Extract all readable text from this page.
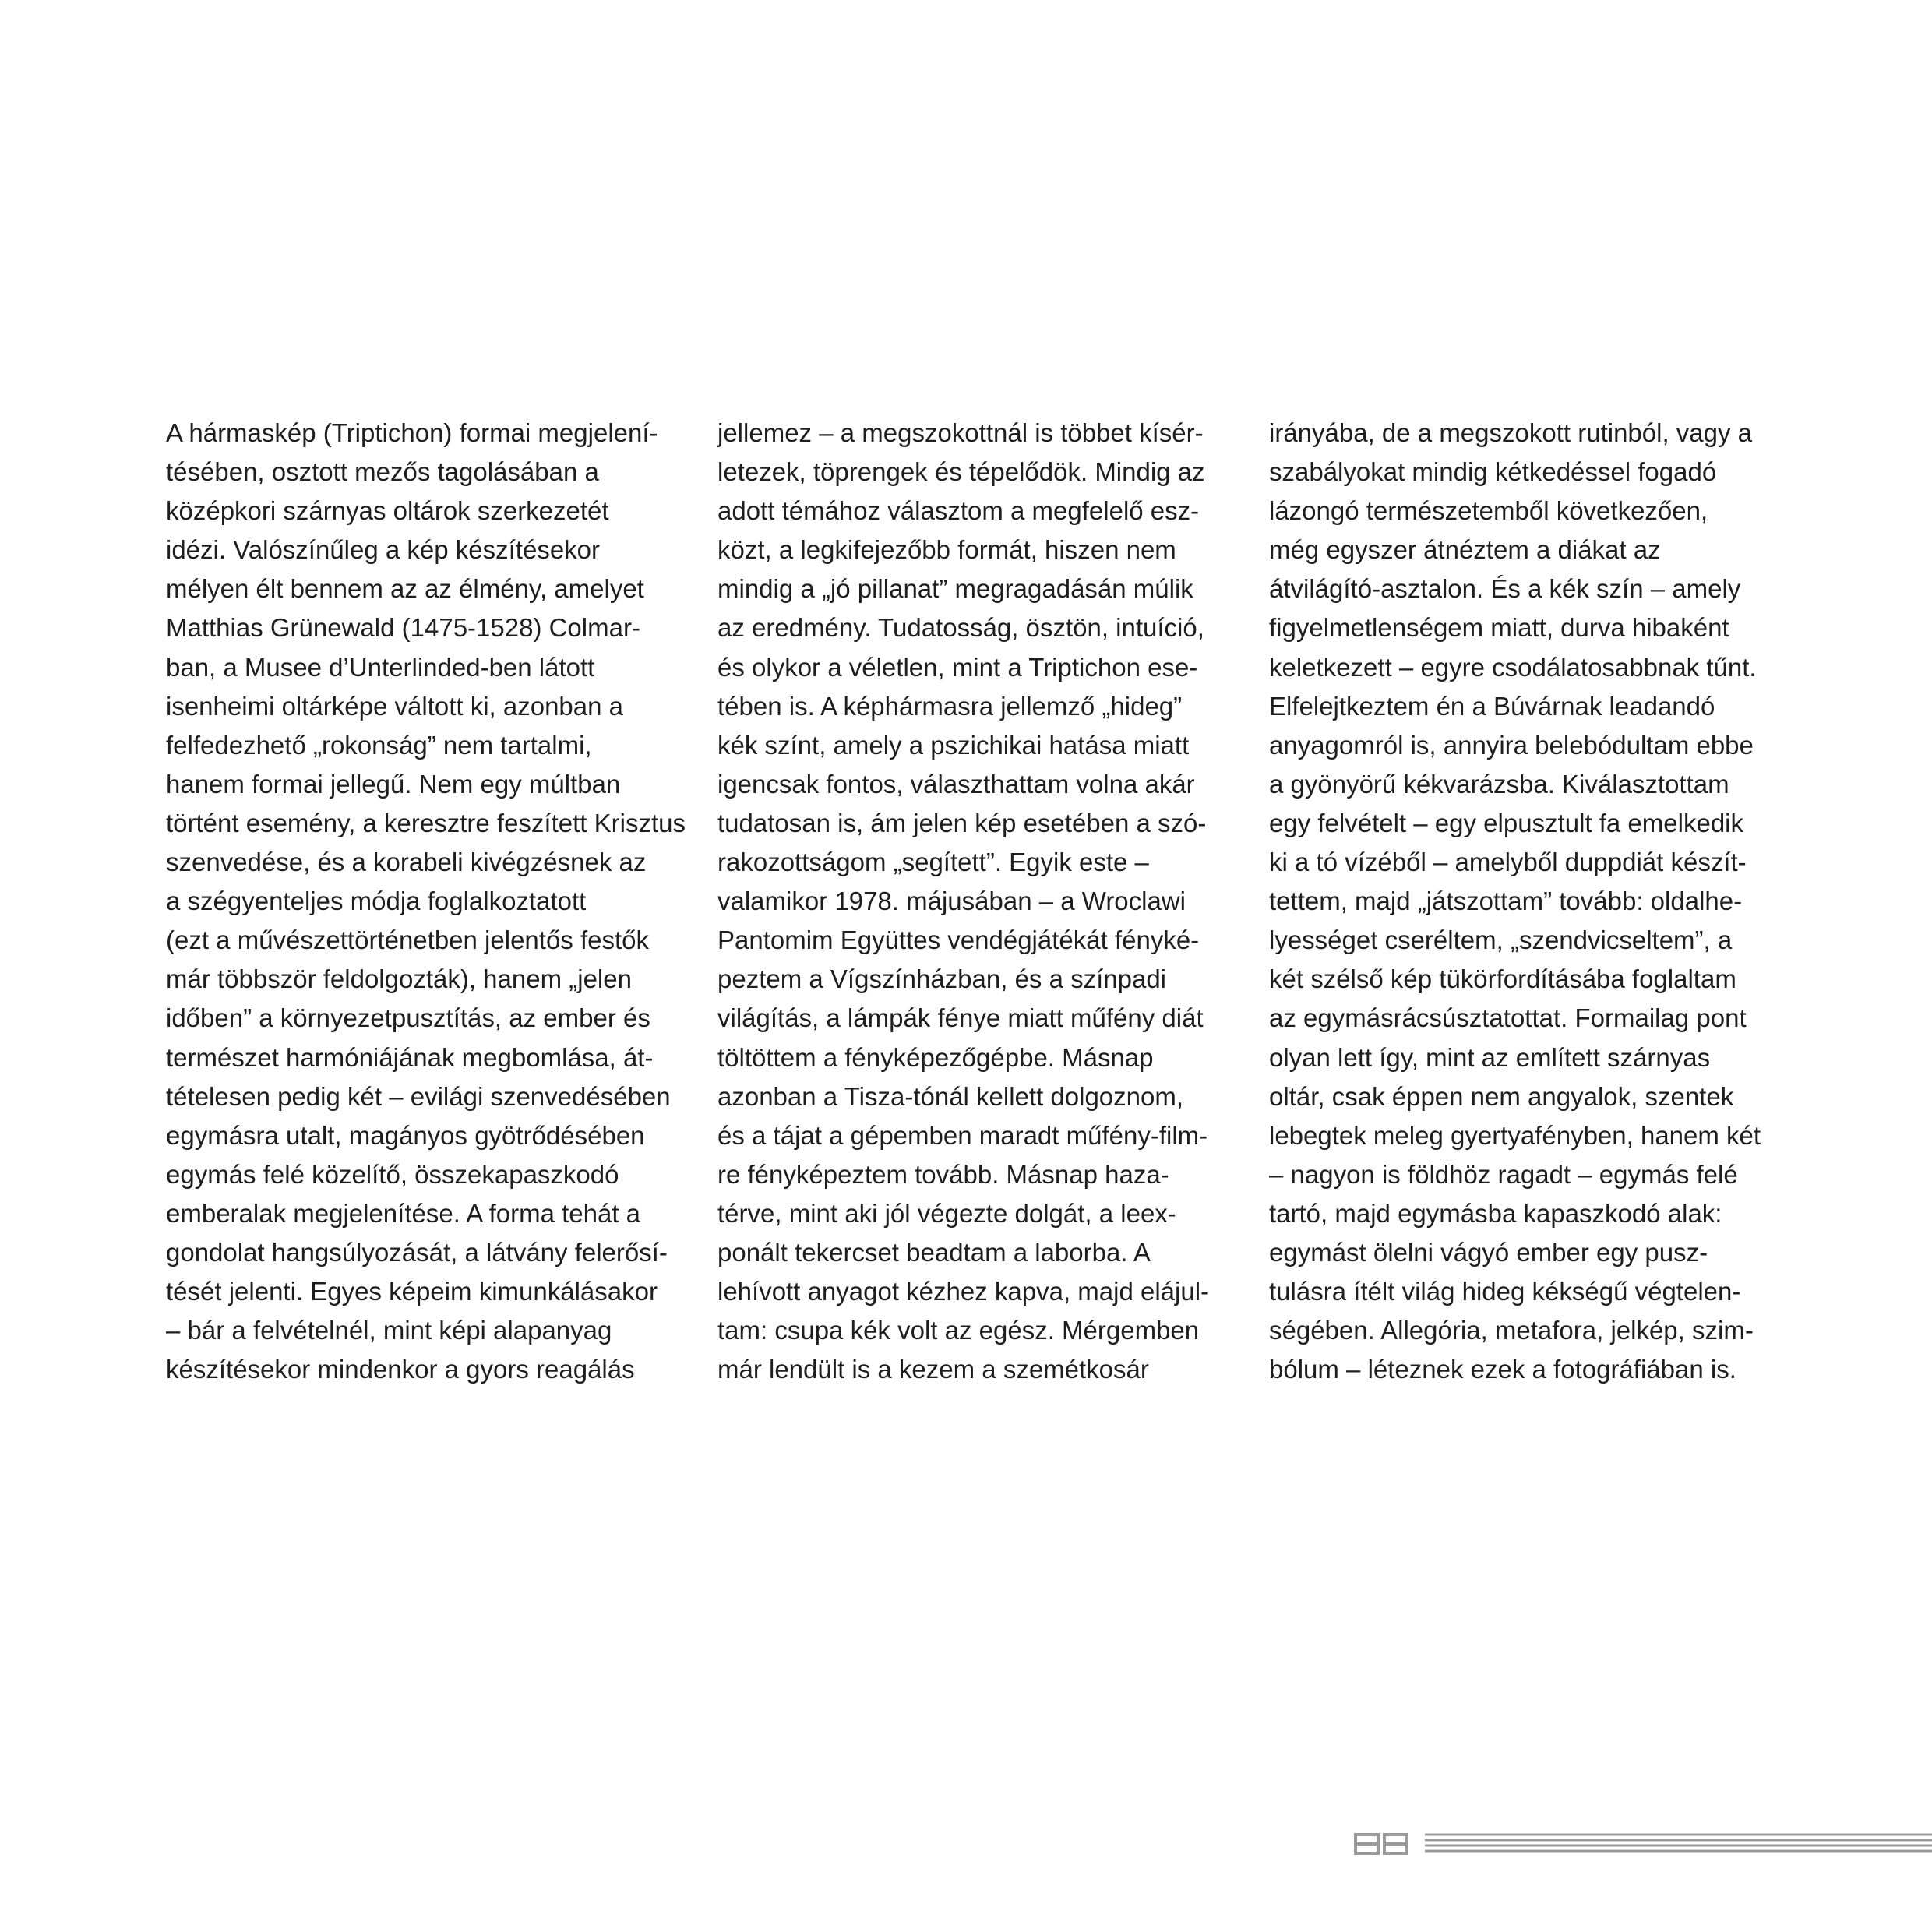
A hármaskép (Triptichon) formai megjelení-
tésében, osztott mezős tagolásában a
középkori szárnyas oltárok szerkezetét
idézi. Valószínűleg a kép készítésekor
mélyen élt bennem az az élmény, amelyet
Matthias Grünewald (1475-1528) Colmar-
ban, a Musee d’Unterlinded-ben látott
isenheimi oltárképe váltott ki, azonban a
felfedezhető „rokonság” nem tartalmi,
hanem formai jellegű. Nem egy múltban
történt esemény, a keresztre feszített Krisztus
szenvedése, és a korabeli kivégzésnek az
a szégyenteljes módja foglalkoztatott
(ezt a művészettörténetben jelentős festők
már többször feldolgozták), hanem „jelen
időben” a környezetpusztítás, az ember és
természet harmóniájának megbomlása, át-
tételesen pedig két – evilági szenvedésében
egymásra utalt, magányos gyötrődésében
egymás felé közelítő, összekapaszkodó
emberalak megjelenítése. A forma tehát a
gondolat hangsúlyozását, a látvány felerősí-
tését jelenti. Egyes képeim kimunkálásakor
– bár a felvételnél, mint képi alapanyag
készítésekor mindenkor a gyors reagálás
jellemez – a megszokottnál is többet kísér-
letezek, töprengek és tépelődök. Mindig az
adott témához választom a megfelelő esz-
közt, a legkifejezőbb formát, hiszen nem
mindig a „jó pillanat” megragadásán múlik
az eredmény. Tudatosság, ösztön, intuíció,
és olykor a véletlen, mint a Triptichon ese-
tében is. A képhármasra jellemző „hideg”
kék színt, amely a pszichikai hatása miatt
igencsak fontos, választhattam volna akár
tudatosan is, ám jelen kép esetében a szó-
rakozottságom „segített”. Egyik este –
valamikor 1978. májusában – a Wroclawi
Pantomim Együttes vendégjátékát fényké-
peztem a Vígszínházban, és a színpadi
világítás, a lámpák fénye miatt műfény diát
töltöttem a fényképezőgépbe. Másnap
azonban a Tisza-tónál kellett dolgoznom,
és a tájat a gépemben maradt műfény-film-
re fényképeztem tovább. Másnap haza-
térve, mint aki jól végezte dolgát, a leex-
ponált tekercset beadtam a laborba. A
lehívott anyagot kézhez kapva, majd elájul-
tam: csupa kék volt az egész. Mérgemben
már lendült is a kezem a szemétkosár
irányába, de a megszokott rutinból, vagy a
szabályokat mindig kétkedéssel fogadó
lázongó természetemből következően,
még egyszer átnéztem a diákat az
átvilágító-asztalon. És a kék szín – amely
figyelmetlenségem miatt, durva hibaként
keletkezett – egyre csodálatosabbnak tűnt.
Elfelejtkeztem én a Búvárnak leadandó
anyagomról is, annyira belebódultam ebbe
a gyönyörű kékvarázsba. Kiválasztottam
egy felvételt – egy elpusztult fa emelkedik
ki a tó vízéből – amelyből duppdiát készít-
tettem, majd „játszottam” tovább: oldalhe-
lyességet cseréltem, „szendvicseltem”, a
két szélső kép tükörfordításába foglaltam
az egymásrácsúsztatottat. Formailag pont
olyan lett így, mint az említett szárnyas
oltár, csak éppen nem angyalok, szentek
lebegtek meleg gyertyafényben, hanem két
– nagyon is földhöz ragadt – egymás felé
tartó, majd egymásba kapaszkodó alak:
egymást ölelni vágyó ember egy pusz-
tulásra ítélt világ hideg kékségű végtelen-
ségében. Allegória, metafora, jelkép, szim-
bólum – léteznek ezek a fotográfiában is.
